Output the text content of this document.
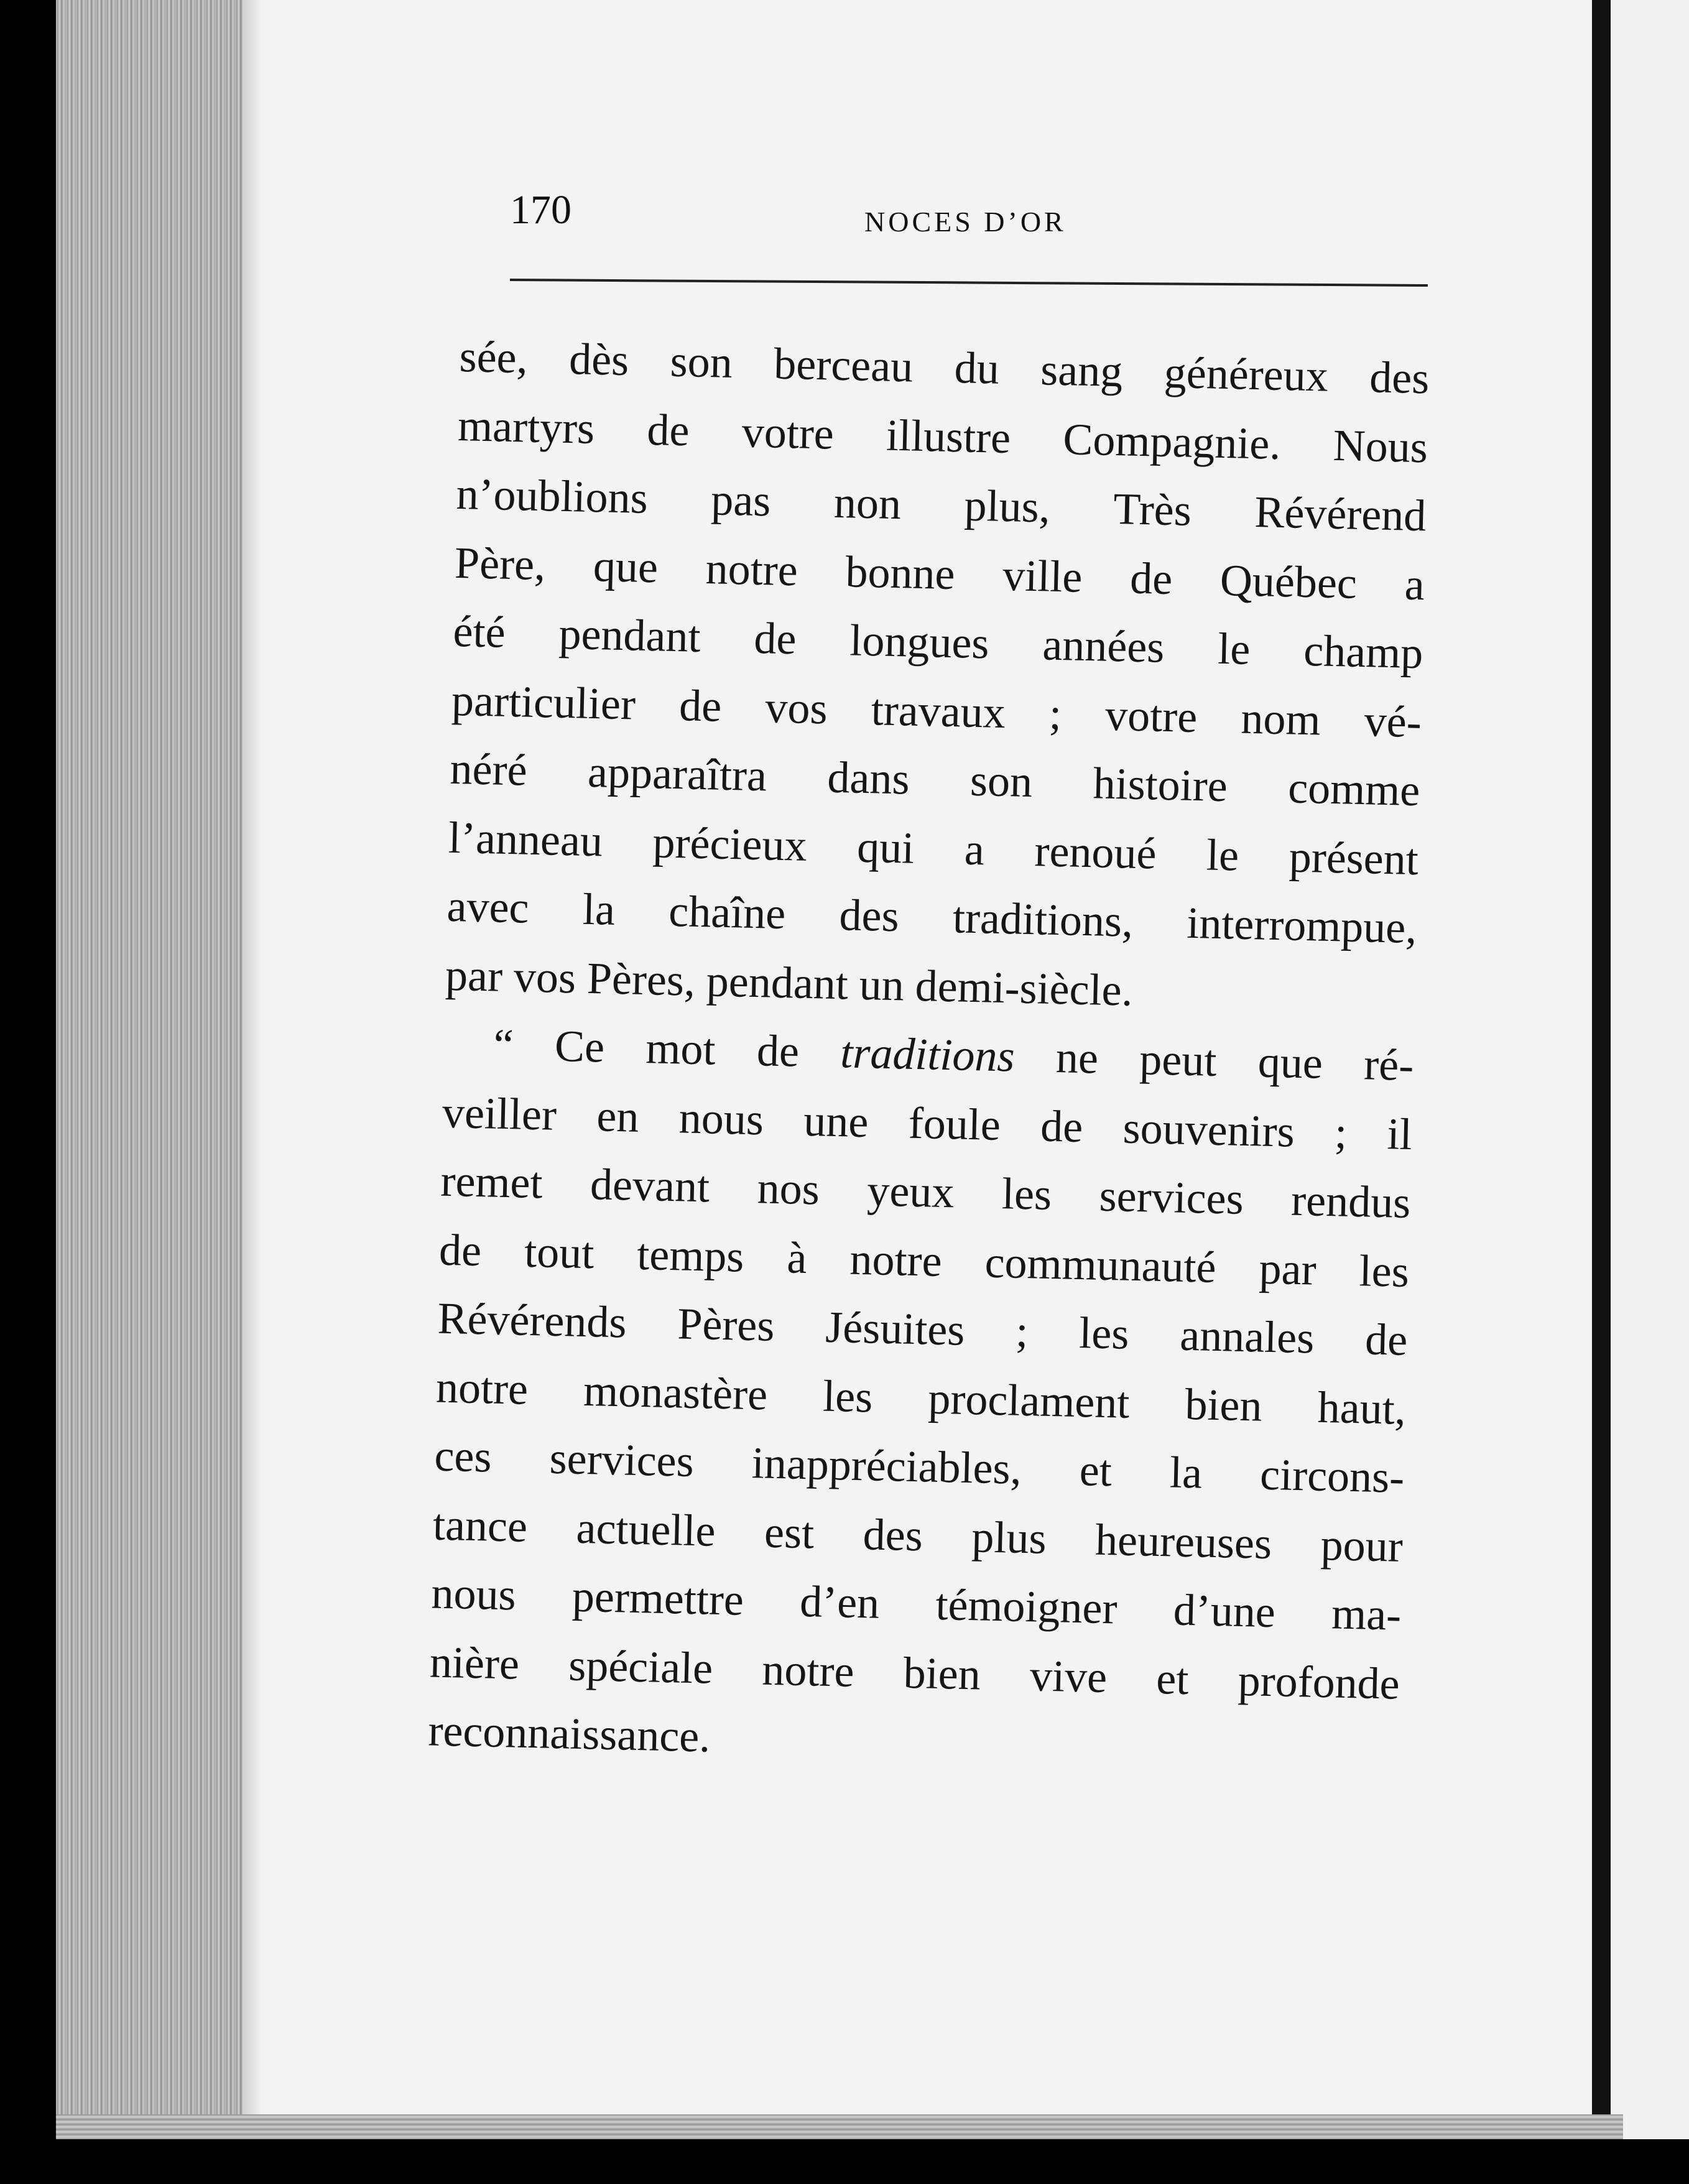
170	NOCES D’OR
sée, dès son berceau du sang généreux des
martyrs de votre illustre Compagnie. Nous
n’oublions pas non plus, Très Révérend
Père, que notre bonne ville de Québec a
été pendant de longues années le champ
particulier de vos travaux ; votre nom vé-
néré apparaîtra dans son histoire comme
l’anneau précieux qui a renoué le présent
avec la chaîne des traditions, interrompue,
par vos Pères, pendant un demi-siècle.
“ Ce mot de traditions ne peut que ré-
veiller en nous une foule de souvenirs ; il
remet devant nos yeux les services rendus
de tout temps à notre communauté par les
Révérends Pères Jésuites ; les annales de
notre monastère les proclament bien haut,
ces services inappréciables, et la circons-
tance actuelle est des plus heureuses pour
nous permettre d’en témoigner d’une ma-
nière spéciale notre bien vive et profonde
reconnaissance.
